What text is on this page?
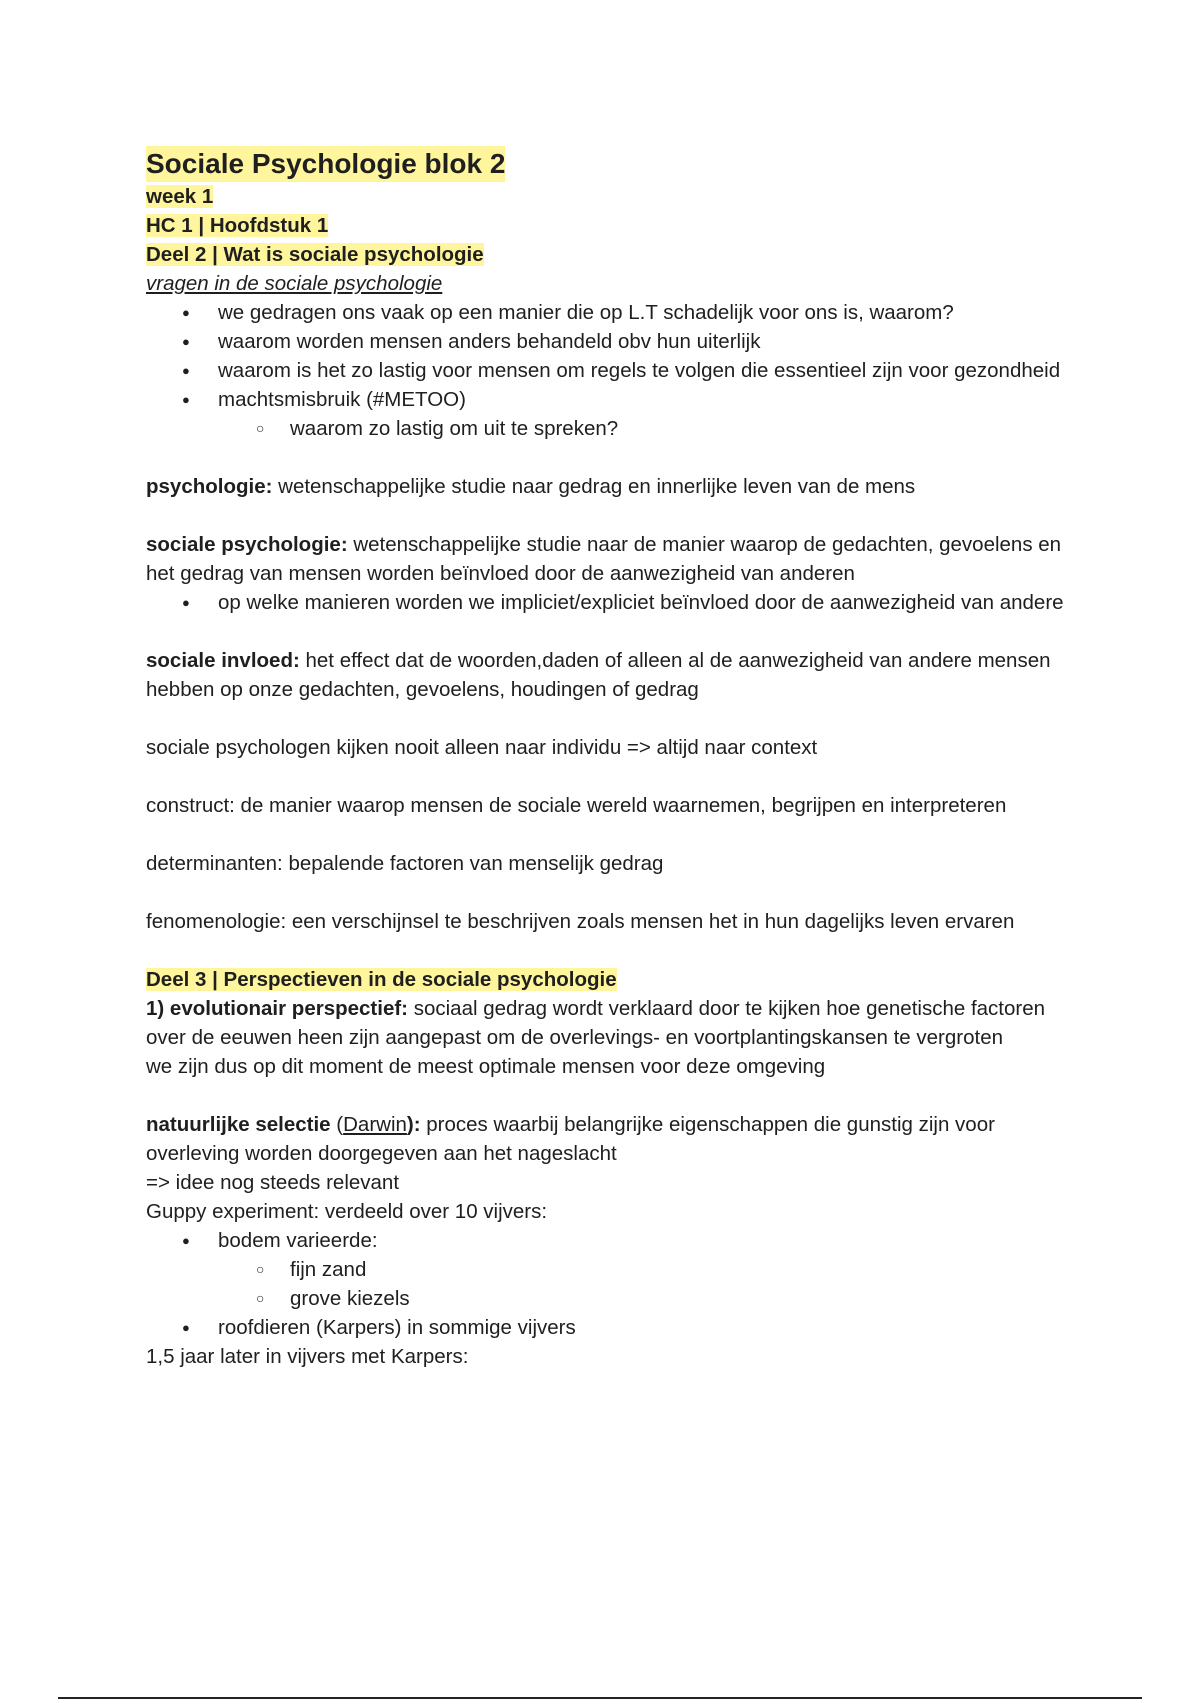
Sociale Psychologie blok 2
week 1
HC 1 | Hoofdstuk 1
Deel 2 | Wat is sociale psychologie
vragen in de sociale psychologie
● we gedragen ons vaak op een manier die op L.T schadelijk voor ons is, waarom?
● waarom worden mensen anders behandeld obv hun uiterlijk
● waarom is het zo lastig voor mensen om regels te volgen die essentieel zijn voor gezondheid
● machtsmisbruik (#METOO)
○ waarom zo lastig om uit te spreken?
psychologie: wetenschappelijke studie naar gedrag en innerlijke leven van de mens
sociale psychologie: wetenschappelijke studie naar de manier waarop de gedachten, gevoelens en het gedrag van mensen worden beïnvloed door de aanwezigheid van anderen
● op welke manieren worden we impliciet/expliciet beïnvloed door de aanwezigheid van andere
sociale invloed: het effect dat de woorden,daden of alleen al de aanwezigheid van andere mensen hebben op onze gedachten, gevoelens, houdingen of gedrag
sociale psychologen kijken nooit alleen naar individu => altijd naar context
construct: de manier waarop mensen de sociale wereld waarnemen, begrijpen en interpreteren
determinanten: bepalende factoren van menselijk gedrag
fenomenologie: een verschijnsel te beschrijven zoals mensen het in hun dagelijks leven ervaren
Deel 3 | Perspectieven in de sociale psychologie
1) evolutionair perspectief: sociaal gedrag wordt verklaard door te kijken hoe genetische factoren over de eeuwen heen zijn aangepast om de overlevings- en voortplantingskansen te vergroten
we zijn dus op dit moment de meest optimale mensen voor deze omgeving
natuurlijke selectie (Darwin): proces waarbij belangrijke eigenschappen die gunstig zijn voor overleving worden doorgegeven aan het nageslacht
=> idee nog steeds relevant
Guppy experiment: verdeeld over 10 vijvers:
● bodem varieerde:
○ fijn zand
○ grove kiezels
● roofdieren (Karpers) in sommige vijvers
1,5 jaar later in vijvers met Karpers:
